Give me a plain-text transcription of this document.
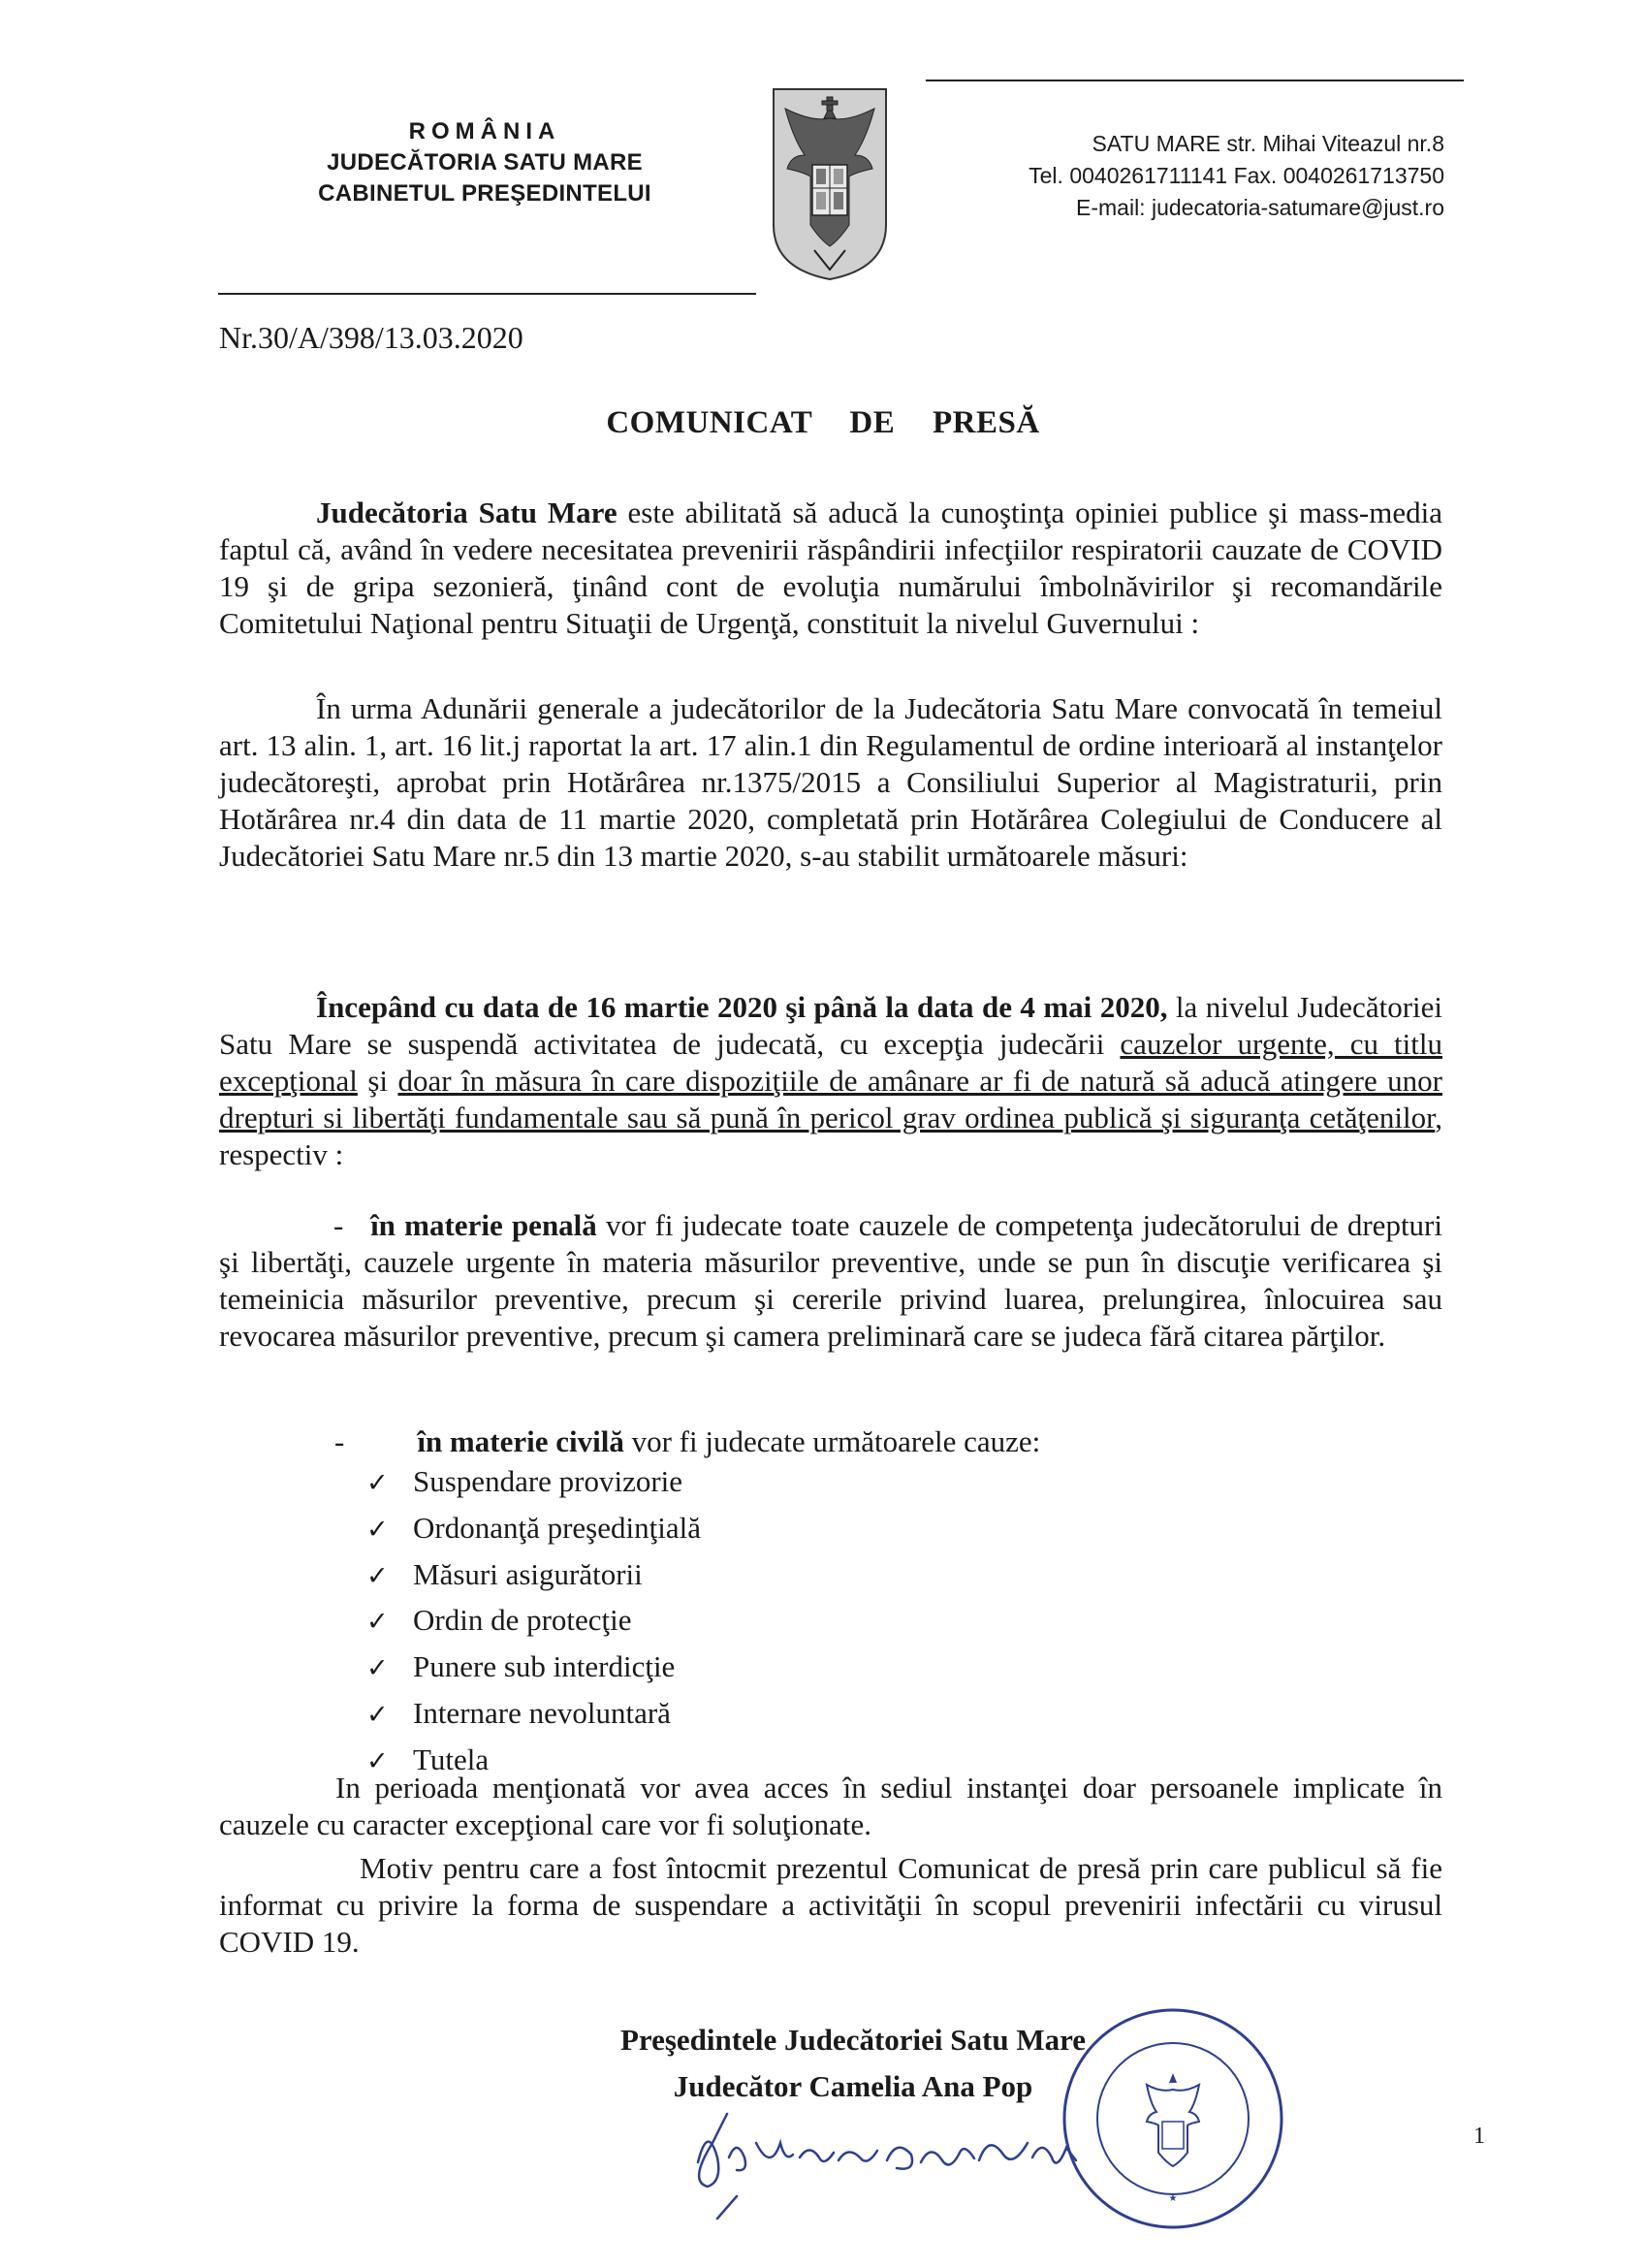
ROMÂNIA
JUDECĂTORIA SATU MARE
CABINETUL PREŞEDINTELUI
SATU MARE str. Mihai Viteazul nr.8
Tel. 0040261711141 Fax. 0040261713750
E-mail: judecatoria-satumare@just.ro
Nr.30/A/398/13.03.2020
COMUNICAT DE PRESĂ
Judecătoria Satu Mare este abilitată să aducă la cunoştinţa opiniei publice şi mass-media faptul că, având în vedere necesitatea prevenirii răspândirii infecţiilor respiratorii cauzate de COVID 19 şi de gripa sezonieră, ţinând cont de evoluţia numărului îmbolnăvirilor şi recomandările Comitetului Naţional pentru Situaţii de Urgenţă, constituit la nivelul Guvernului :
În urma Adunării generale a judecătorilor de la Judecătoria Satu Mare convocată în temeiul art. 13 alin. 1, art. 16 lit.j raportat la art. 17 alin.1 din Regulamentul de ordine interioară al instanţelor judecătoreşti, aprobat prin Hotărârea nr.1375/2015 a Consiliului Superior al Magistraturii, prin Hotărârea nr.4 din data de 11 martie 2020, completată prin Hotărârea Colegiului de Conducere al Judecătoriei Satu Mare nr.5 din 13 martie 2020, s-au stabilit următoarele măsuri:
Începând cu data de 16 martie 2020 şi până la data de 4 mai 2020, la nivelul Judecătoriei Satu Mare se suspendă activitatea de judecată, cu excepţia judecării cauzelor urgente, cu titlu excepţional şi doar în măsura în care dispoziţiile de amânare ar fi de natură să aducă atingere unor drepturi si libertăţi fundamentale sau să pună în pericol grav ordinea publică şi siguranţa cetăţenilor, respectiv :
- în materie penală vor fi judecate toate cauzele de competenţa judecătorului de drepturi şi libertăţi, cauzele urgente în materia măsurilor preventive, unde se pun în discuţie verificarea şi temeinicia măsurilor preventive, precum şi cererile privind luarea, prelungirea, înlocuirea sau revocarea măsurilor preventive, precum şi camera preliminară care se judeca fără citarea părţilor.
- în materie civilă vor fi judecate următoarele cauze:
✓ Suspendare provizorie
✓ Ordonanţă preşedinţială
✓ Măsuri asigurătorii
✓ Ordin de protecţie
✓ Punere sub interdicţie
✓ Internare nevoluntară
✓ Tutela
In perioada menţionată vor avea acces în sediul instanţei doar persoanele implicate în cauzele cu caracter excepţional care vor fi soluţionate.
Motiv pentru care a fost întocmit prezentul Comunicat de presă prin care publicul să fie informat cu privire la forma de suspendare a activităţii în scopul prevenirii infectării cu virusul COVID 19.
Preşedintele Judecătoriei Satu Mare
Judecător Camelia Ana Pop
★
1
